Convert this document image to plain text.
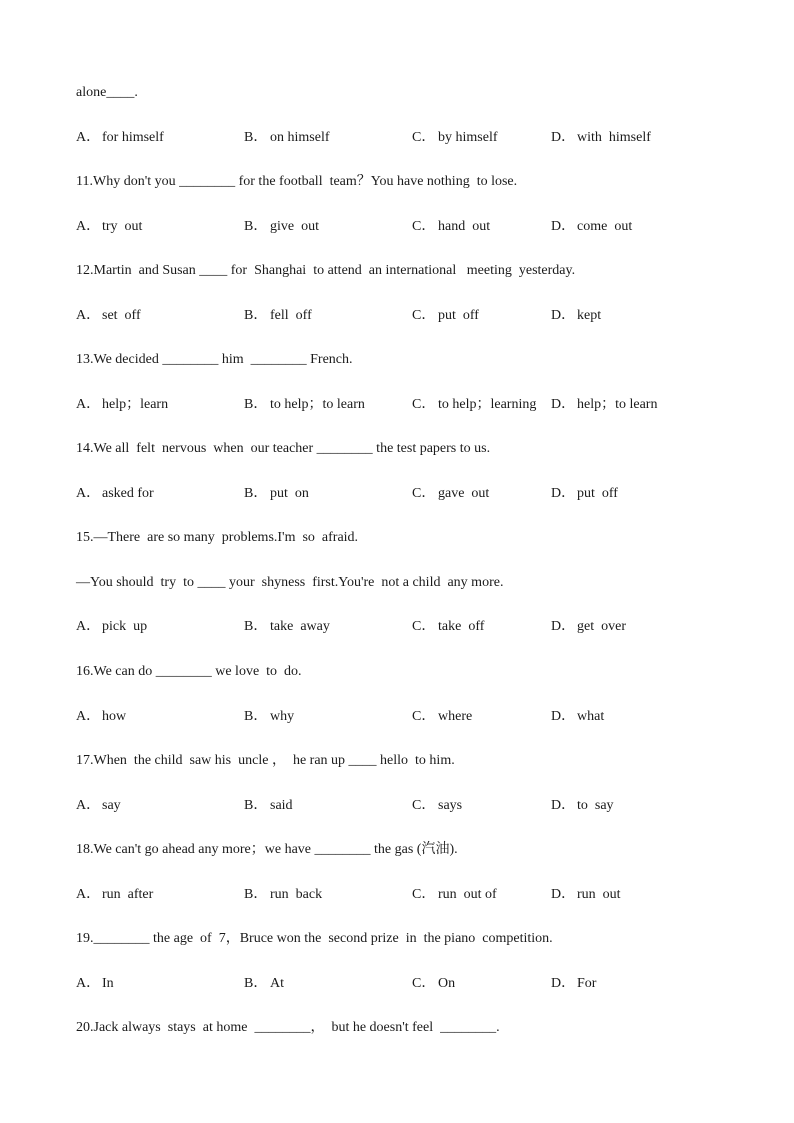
alone____.
A． for himself	B． on himself	C． by himself	D． with  himself
11.Why don't you ________ for the football  team？You have nothing  to lose.
A． try  out	B． give  out	C． hand  out	D． come  out
12.Martin  and Susan ____ for  Shanghai  to attend  an international   meeting  yesterday.
A． set  off	B． fell  off	C． put  off	D． kept
13.We decided ________ him  ________ French.
A． help；learn	B． to help；to learn	C． to help；learning D． help；to learn
14.We all  felt  nervous  when  our teacher ________ the test papers to us.
A． asked for	B． put  on	C． gave  out	D． put  off
15.—There  are so many  problems.I'm  so  afraid.
—You should  try  to ____ your  shyness  first.You're  not a child  any more.
A． pick  up	B． take  away	C． take  off	D． get  over
16.We can do ________ we love  to  do.
A． how	B． why	C． where	D． what
17.When  the child  saw his  uncle ，  he ran up ____ hello  to him.
A． say	B． said	C． says	D． to  say
18.We can't go ahead any more；we have ________ the gas (汽油).
A． run  after	B． run  back	C． run  out of	D． run  out
19.________ the age  of  7，Bruce won the  second prize  in  the piano  competition.
A． In	B． At	C． On	D． For
20.Jack always  stays  at home  ________，  but he doesn't feel  ________.
